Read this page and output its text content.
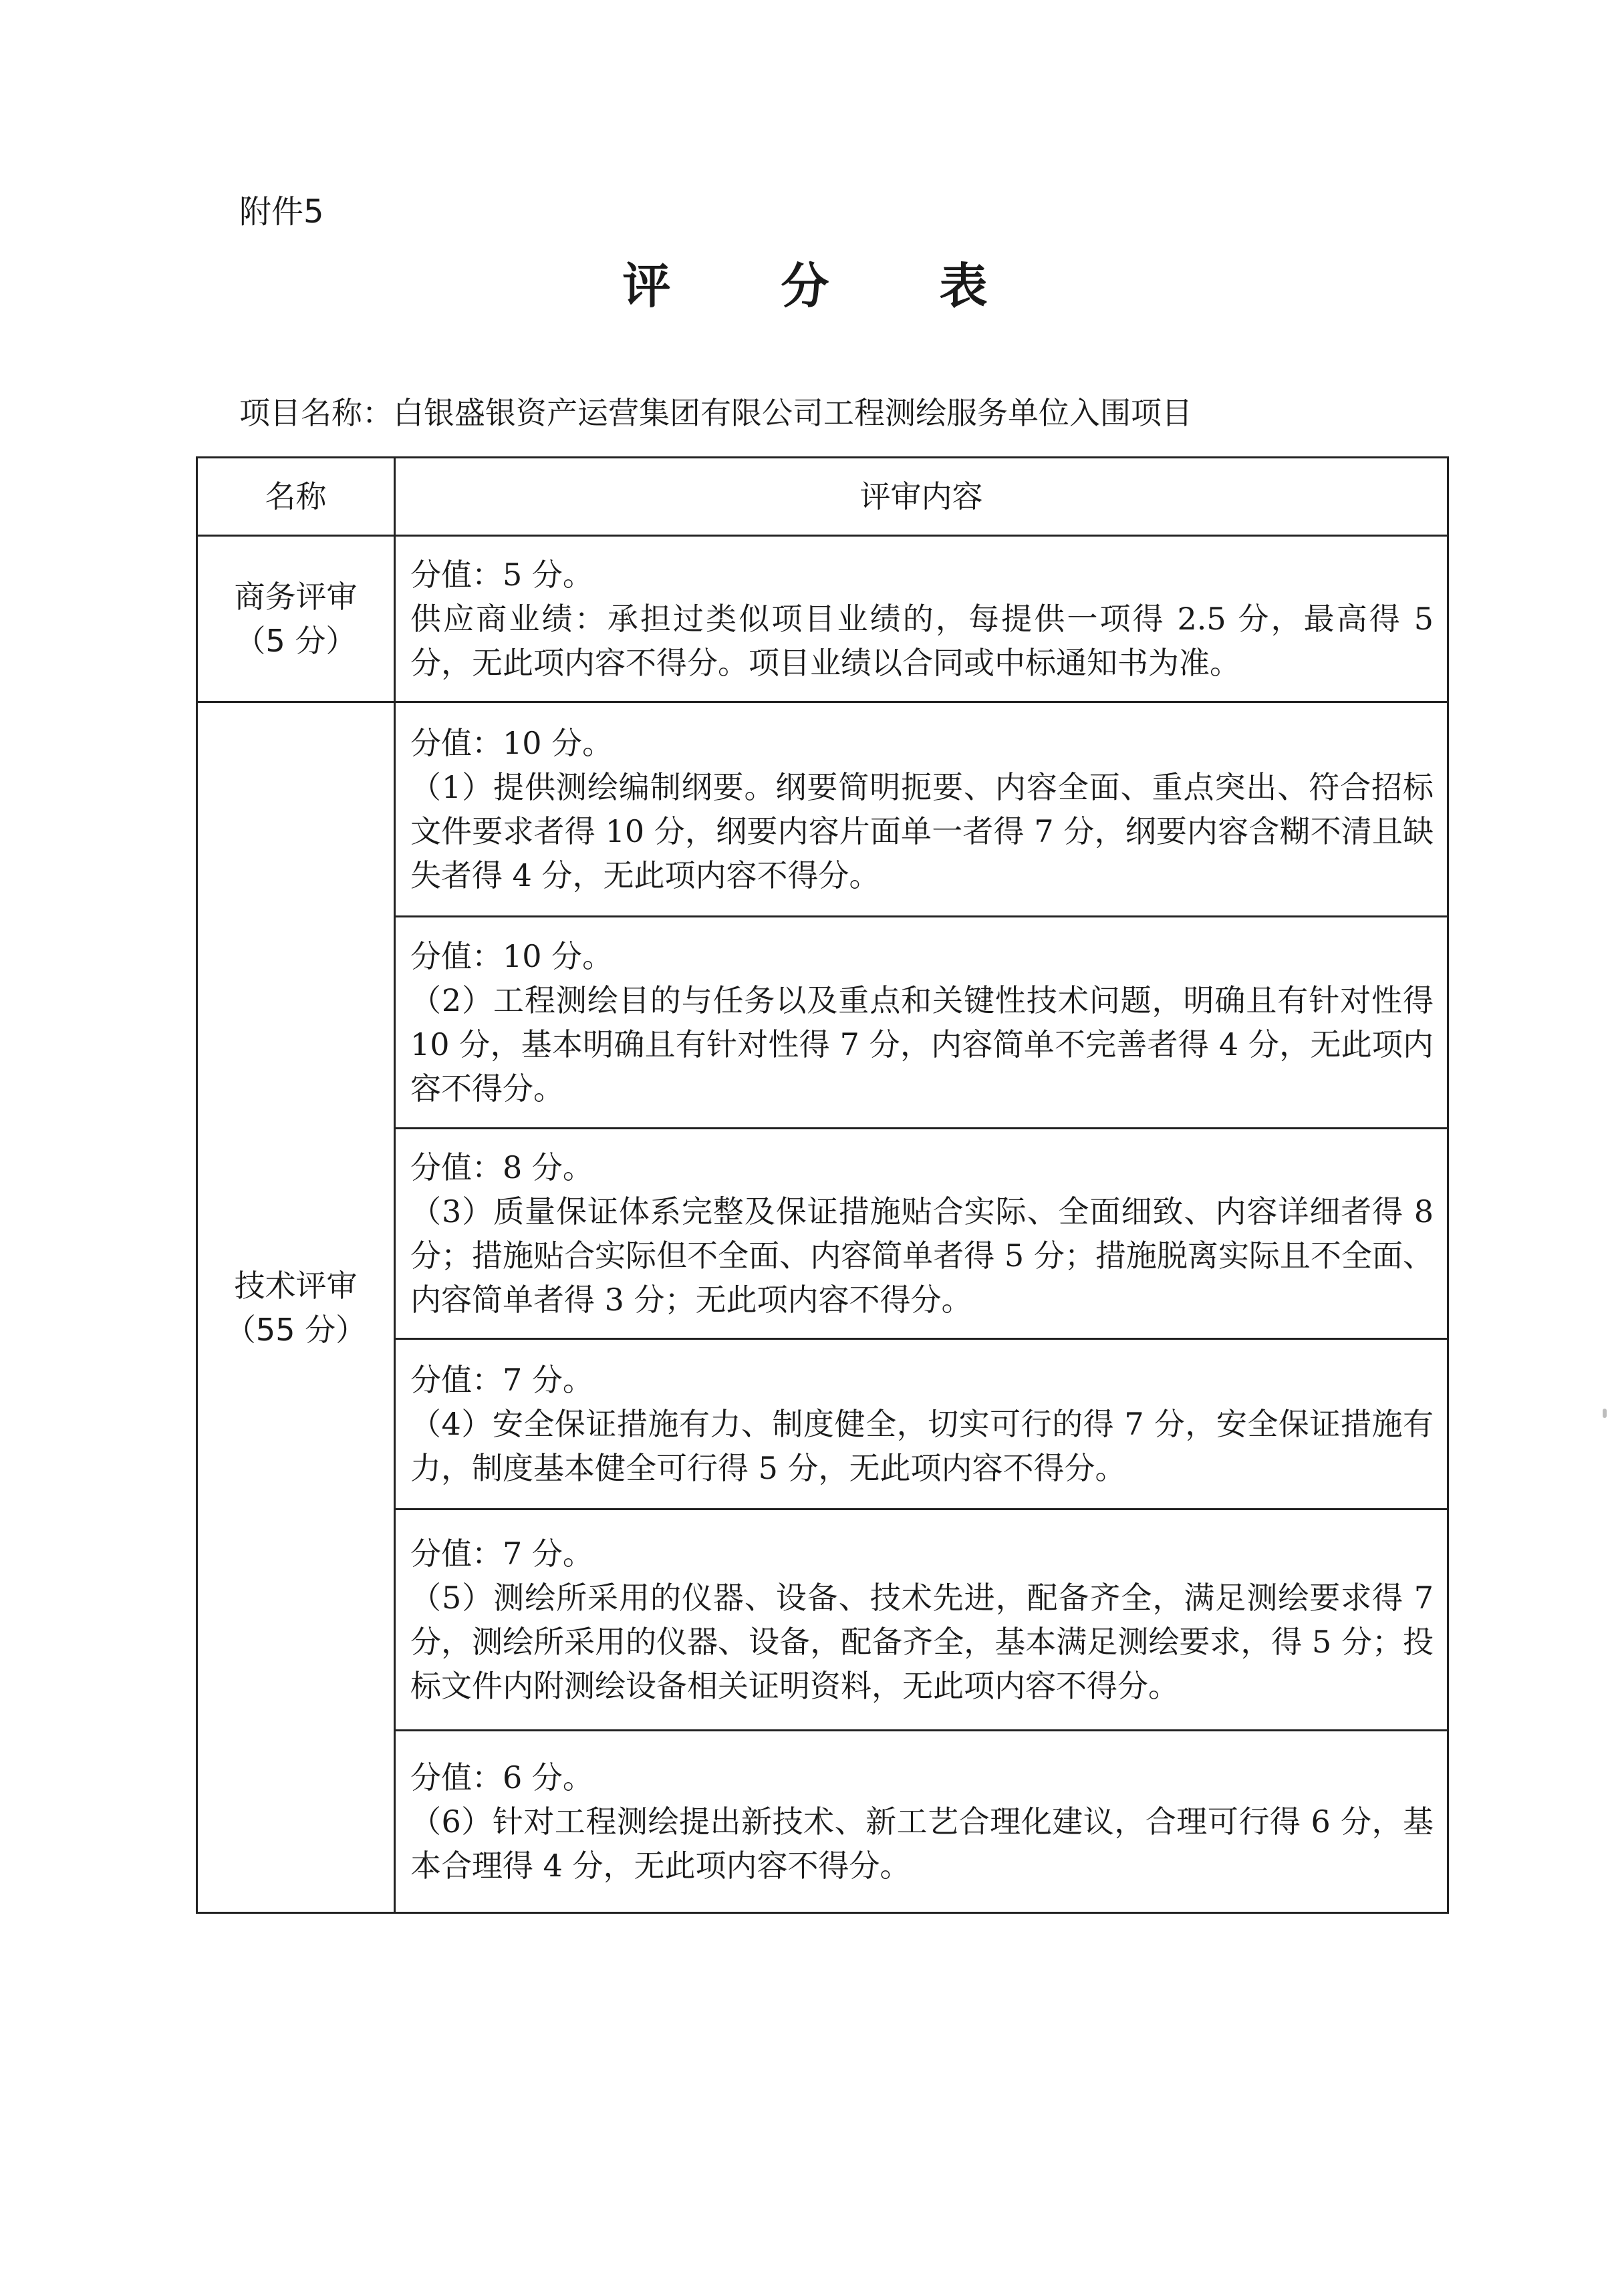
附件5
评 分 表
项目名称：白银盛银资产运营集团有限公司工程测绘服务单位入围项目
名称	评审内容

商务评审
（5 分）	分值：5 分。
供应商业绩：承担过类似项目业绩的，每提供一项得 2.5 分，最高得 5 分，无此项内容不得分。项目业绩以合同或中标通知书为准。

技术评审
（55 分）	分值：10 分。
（1）提供测绘编制纲要。纲要简明扼要、内容全面、重点突出、符合招标文件要求者得 10 分，纲要内容片面单一者得 7 分，纲要内容含糊不清且缺失者得 4 分，无此项内容不得分。

	分值：10 分。
（2）工程测绘目的与任务以及重点和关键性技术问题，明确且有针对性得 10 分，基本明确且有针对性得 7 分，内容简单不完善者得 4 分，无此项内容不得分。

	分值：8 分。
（3）质量保证体系完整及保证措施贴合实际、全面细致、内容详细者得 8 分；措施贴合实际但不全面、内容简单者得 5 分；措施脱离实际且不全面、内容简单者得 3 分；无此项内容不得分。

	分值：7 分。
（4）安全保证措施有力、制度健全，切实可行的得 7 分，安全保证措施有力，制度基本健全可行得 5 分，无此项内容不得分。

	分值：7 分。
（5）测绘所采用的仪器、设备、技术先进，配备齐全，满足测绘要求得 7 分，测绘所采用的仪器、设备，配备齐全，基本满足测绘要求，得 5 分；投标文件内附测绘设备相关证明资料，无此项内容不得分。

	分值：6 分。
（6）针对工程测绘提出新技术、新工艺合理化建议，合理可行得 6 分，基本合理得 4 分，无此项内容不得分。
